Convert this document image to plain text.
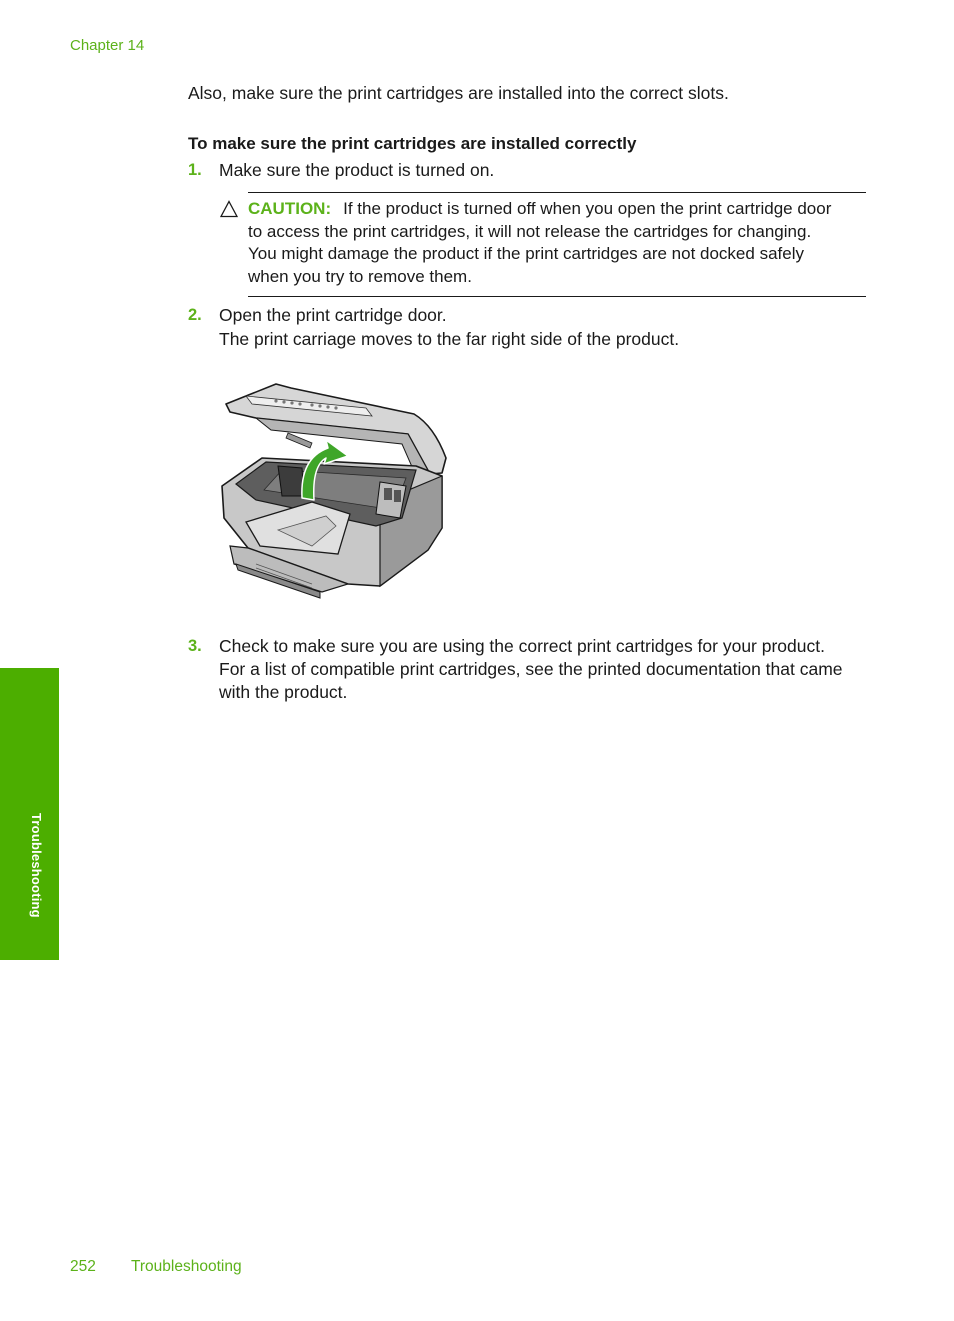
Chapter 14
Also, make sure the print cartridges are installed into the correct slots.
To make sure the print cartridges are installed correctly
1. Make sure the product is turned on.
CAUTION: If the product is turned off when you open the print cartridge door
to access the print cartridges, it will not release the cartridges for changing.
You might damage the product if the print cartridges are not docked safely
when you try to remove them.
2. Open the print cartridge door.
The print carriage moves to the far right side of the product.
3. Check to make sure you are using the correct print cartridges for your product.
For a list of compatible print cartridges, see the printed documentation that came
with the product.
Troubleshooting
252 Troubleshooting
